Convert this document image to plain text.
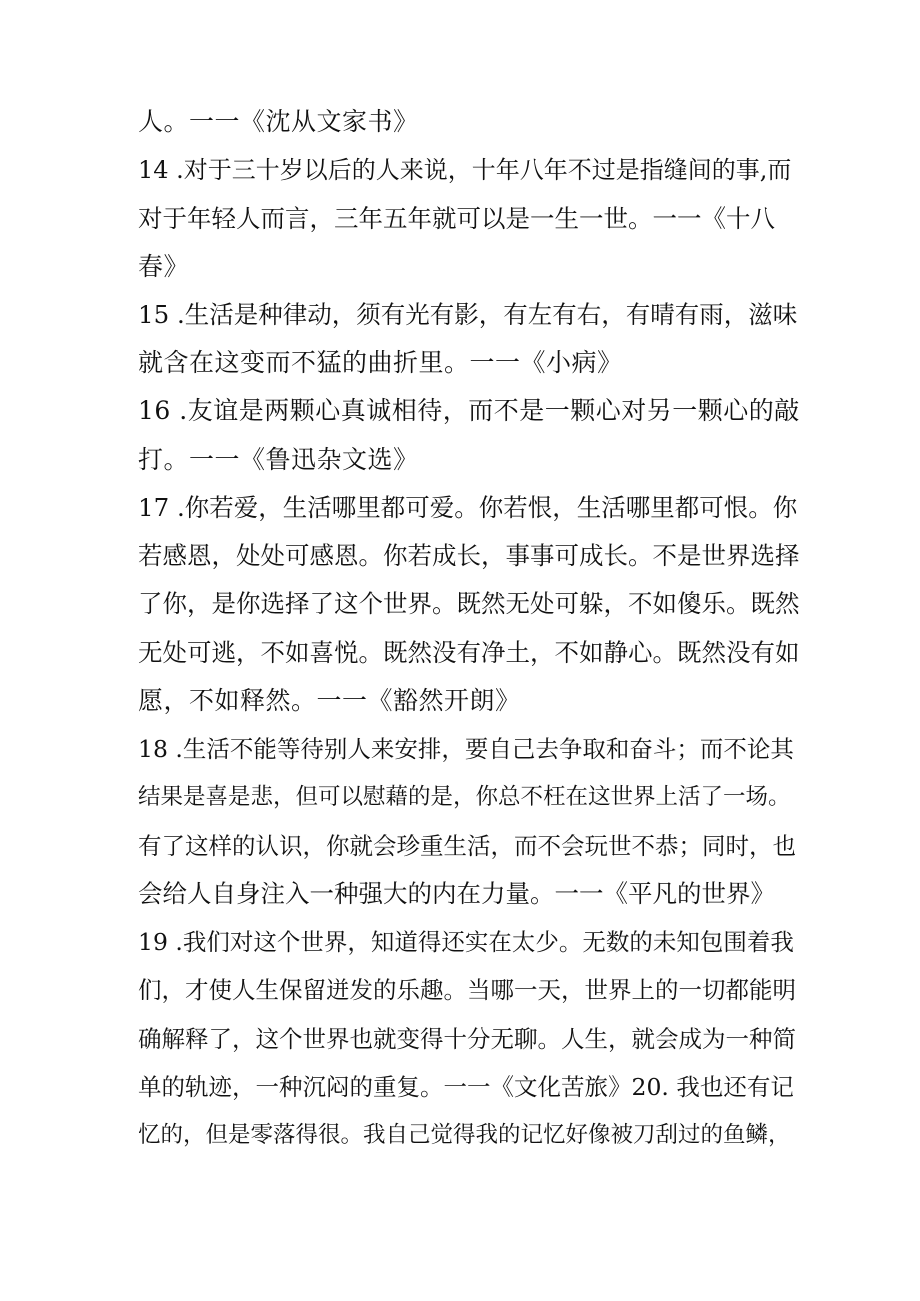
人。一一《沈从文家书》
14 .对于三十岁以后的人来说，十年八年不过是指缝间的事,而
对于年轻人而言，三年五年就可以是一生一世。一一《十八
春》
15 .生活是种律动，须有光有影，有左有右，有晴有雨，滋味
就含在这变而不猛的曲折里。一一《小病》
16 .友谊是两颗心真诚相待，而不是一颗心对另一颗心的敲
打。一一《鲁迅杂文选》
17 .你若爱，生活哪里都可爱。你若恨，生活哪里都可恨。你
若感恩，处处可感恩。你若成长，事事可成长。不是世界选择
了你，是你选择了这个世界。既然无处可躲，不如傻乐。既然
无处可逃，不如喜悦。既然没有净土，不如静心。既然没有如
愿，不如释然。一一《豁然开朗》
18 .生活不能等待别人来安排，要自己去争取和奋斗；而不论其
结果是喜是悲，但可以慰藉的是，你总不枉在这世界上活了一场。
有了这样的认识，你就会珍重生活，而不会玩世不恭；同时，也
会给人自身注入一种强大的内在力量。一一《平凡的世界》
19 .我们对这个世界，知道得还实在太少。无数的未知包围着我
们，才使人生保留迸发的乐趣。当哪一天，世界上的一切都能明
确解释了，这个世界也就变得十分无聊。人生，就会成为一种简
单的轨迹，一种沉闷的重复。一一《文化苦旅》20. 我也还有记
忆的，但是零落得很。我自己觉得我的记忆好像被刀刮过的鱼鳞，
